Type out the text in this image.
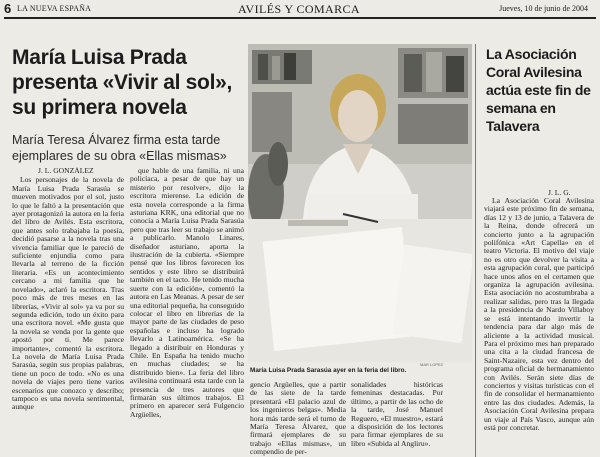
6 LA NUEVA ESPAÑA	AVILÉS Y COMARCA	Jueves, 10 de junio de 2004
María Luisa Prada presenta «Vivir al sol», su primera novela
María Teresa Álvarez firma esta tarde ejemplares de su obra «Ellas mismas»
J. L. GONZÁLEZ

Los personajes de la novela de María Luisa Prada Sarasúa se mueven motivados por el sol, justo lo que le faltó a la presentación que ayer protagonizó la autora en la feria del libro de Avilés. Esta escritora, que antes solo trabajaba la poesía, decidió pasarse a la novela tras una vivencia familiar que le pareció de suficiente enjundia como para llevarla al terreno de la ficción literaria. «Es un acontecimiento cercano a mi familia que he novelado», aclaró la escritora. Tras poco más de tres meses en las librerías, «Vivir al sol» ya va por su segunda edición, todo un éxito para una escritora novel. «Me gusta que la novela se venda por la gente que apostó por ti. Me parece importante», comentó la escritora. La novela de María Luisa Prada Sarasúa, según sus propias palabras, tiene un poco de todo. «No es una novela de viajes pero tiene varios escenarios que conozco y describo; tampoco es una novela sentimental, aunque

que hable de una familia, ni una policíaca, a pesar de que hay un misterio por resolver», dijo la escritora mierense. La edición de esta novela corresponde a la firma asturiana KRK, una editorial que no conocía a María Luisa Prada Sarasúa pero que tras leer su trabajo se animó a publicarlo. Manolo Linares, diseñador asturiano, aporta la ilustración de la cubierta. «Siempre pensé que los libros favorecen los sentidos y este libro se distribuirá también en el tacto. He tenido mucha suerte con la edición», comentó la autora en Las Meanas. A pesar de ser una editorial pequeña, ha conseguido colocar el libro en librerías de la mayor parte de las ciudades de peso españolas e incluso ha logrado llevarlo a Latinoamérica. «Se ha llegado a distribuir en Honduras y Chile. En España ha tenido mucho en muchas ciudades; se ha distribuido bien». La feria del libro avilesina continuará esta tarde con la presencia de tres autores que firmarán sus últimos trabajos. El primero en aparecer será Fulgencio Argüelles,

MAR LOPEZ
María Luisa Prada Sarasúa ayer en la feria del libro.

gencio Argüelles, que a partir de las siete de la tarde presentará «El palacio azul de los ingenieros belgas». Media hora más tarde será el turno de María Teresa Álvarez, que firmará ejemplares de su trabajo «Ellas mismas», un compendio de per-

sonalidades históricas femeninas destacadas. Por último, a partir de las ocho de la tarde, José Manuel Reguero, «El muestro», estará a disposición de los lectores para firmar ejemplares de su libro «Subida al Angliru».

La Asociación Coral Avilesina actúa este fin de semana en Talavera
J. L. G.

La Asociación Coral Avilesina viajará este próximo fin de semana, días 12 y 13 de junio, a Talavera de la Reina, donde ofrecerá un concierto junto a la agrupación polifónica «Art Capella» en el teatro Victoria. El motivo del viaje no es otro que devolver la visita a esta agrupación coral, que participó hace unos años en el certamen que organiza la agrupación avilesina. Esta asociación no acostumbraba a realizar salidas, pero tras la llegada a la presidencia de Nardo Villaboy se está intentando invertir la tendencia para dar algo más de aliciente a la actividad musical. Para el próximo mes han preparado una cita a la ciudad francesa de Saint-Nazaire, esta vez dentro del programa oficial de hermanamiento con Avilés. Serán siete días de conciertos y visitas turísticas con el fin de consolidar el hermanamiento entre las dos ciudades. Además, la Asociación Coral Avilesina prepara un viaje al País Vasco, aunque aún está por concretar.
